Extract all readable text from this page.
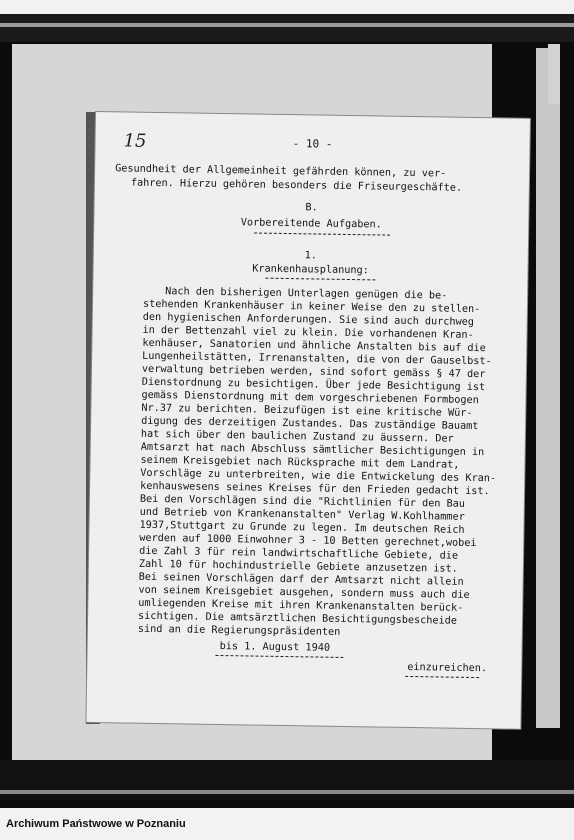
15	- 10 -
Gesundheit der Allgemeinheit gefährden können, zu ver-
fahren. Hierzu gehören besonders die Friseurgeschäfte.
B.
Vorbereitende Aufgaben.
1.
Krankenhausplanung:
Nach den bisherigen Unterlagen genügen die be-
stehenden Krankenhäuser in keiner Weise den zu stellen-
den hygienischen Anforderungen. Sie sind auch durchweg
in der Bettenzahl viel zu klein. Die vorhandenen Kran-
kenhäuser, Sanatorien und ähnliche Anstalten bis auf die
Lungenheilstätten, Irrenanstalten, die von der Gauselbst-
verwaltung betrieben werden, sind sofort gemäss § 47 der
Dienstordnung zu besichtigen. Über jede Besichtigung ist
gemäss Dienstordnung mit dem vorgeschriebenen Formbogen
Nr.37 zu berichten. Beizufügen ist eine kritische Wür-
digung des derzeitigen Zustandes. Das zuständige Bauamt
hat sich über den baulichen Zustand zu äussern. Der
Amtsarzt hat nach Abschluss sämtlicher Besichtigungen in
seinem Kreisgebiet nach Rücksprache mit dem Landrat,
Vorschläge zu unterbreiten, wie die Entwickelung des Kran-
kenhauswesens seines Kreises für den Frieden gedacht ist.
Bei den Vorschlägen sind die "Richtlinien für den Bau
und Betrieb von Krankenanstalten" Verlag W.Kohlhammer
1937,Stuttgart zu Grunde zu legen. Im deutschen Reich
werden auf 1000 Einwohner 3 - 10 Betten gerechnet,wobei
die Zahl 3 für rein landwirtschaftliche Gebiete, die
Zahl 10 für hochindustrielle Gebiete anzusetzen ist.
Bei seinen Vorschlägen darf der Amtsarzt nicht allein
von seinem Kreisgebiet ausgehen, sondern muss auch die
umliegenden Kreise mit ihren Krankenanstalten berück-
sichtigen. Die amtsärztlichen Besichtigungsbescheide
sind an die Regierungspräsidenten
bis 1. August 1940
einzureichen.
Archiwum Państwowe w Poznaniu
